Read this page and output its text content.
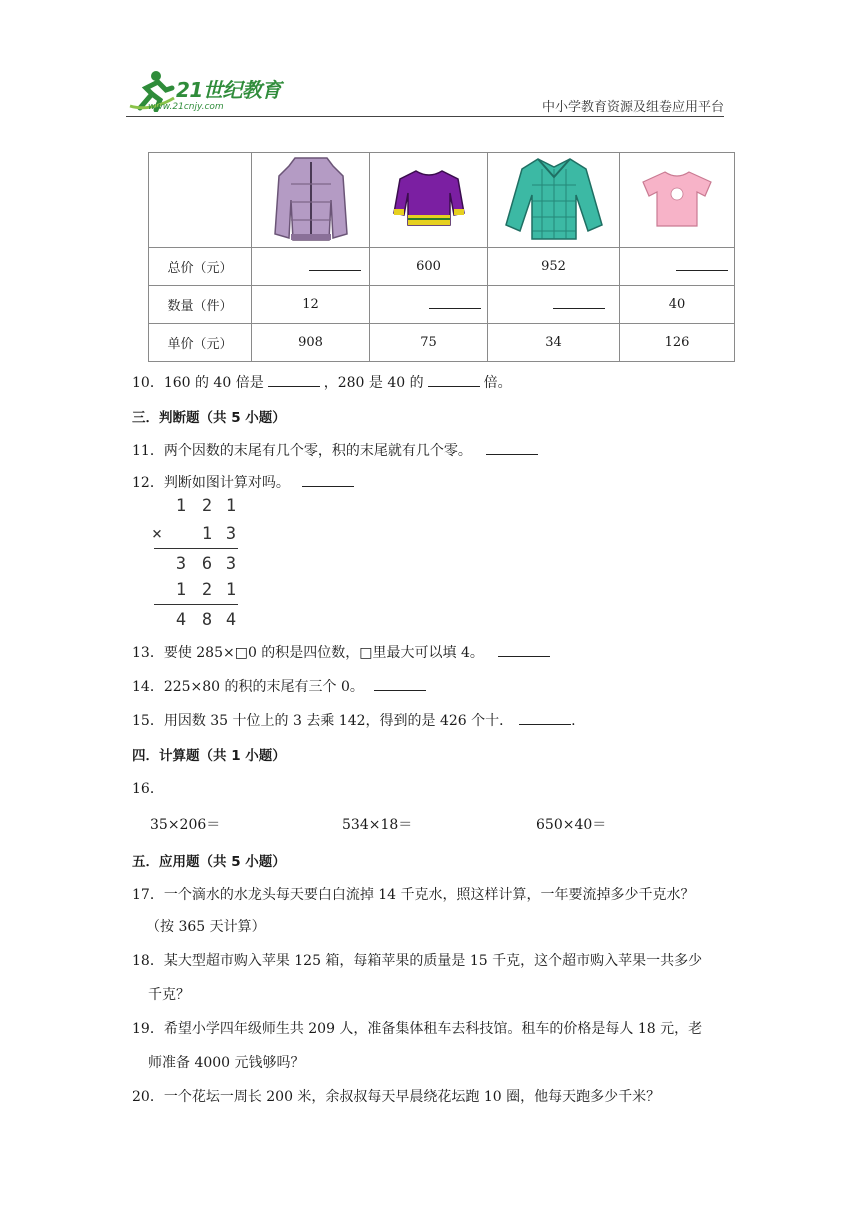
21世纪教育
www.21cnjy.com	中小学教育资源及组卷应用平台

总价（元）		600	952	
数量（件）	12			40
单价（元）	908	75	34	126
10．160 的 40 倍是	，280 是 40 的	倍。
三．判断题（共 5 小题）
11．两个因数的末尾有几个零，积的末尾就有几个零。
12．判断如图计算对吗。
1 2 1
× 1 3
3 6 3
1 2 1
4 8 4
13．要使 285×□0 的积是四位数，□里最大可以填 4。
14．225×80 的积的末尾有三个 0。
15．用因数 35 十位上的 3 去乘 142，得到的是 426 个十．	.
四．计算题（共 1 小题）
16．
35×206＝	534×18＝	650×40＝
五．应用题（共 5 小题）
17．一个滴水的水龙头每天要白白流掉 14 千克水，照这样计算，一年要流掉多少千克水？
（按 365 天计算）
18．某大型超市购入苹果 125 箱，每箱苹果的质量是 15 千克，这个超市购入苹果一共多少
千克？
19．希望小学四年级师生共 209 人，准备集体租车去科技馆。租车的价格是每人 18 元，老
师准备 4000 元钱够吗？
20．一个花坛一周长 200 米，余叔叔每天早晨绕花坛跑 10 圈，他每天跑多少千米？
